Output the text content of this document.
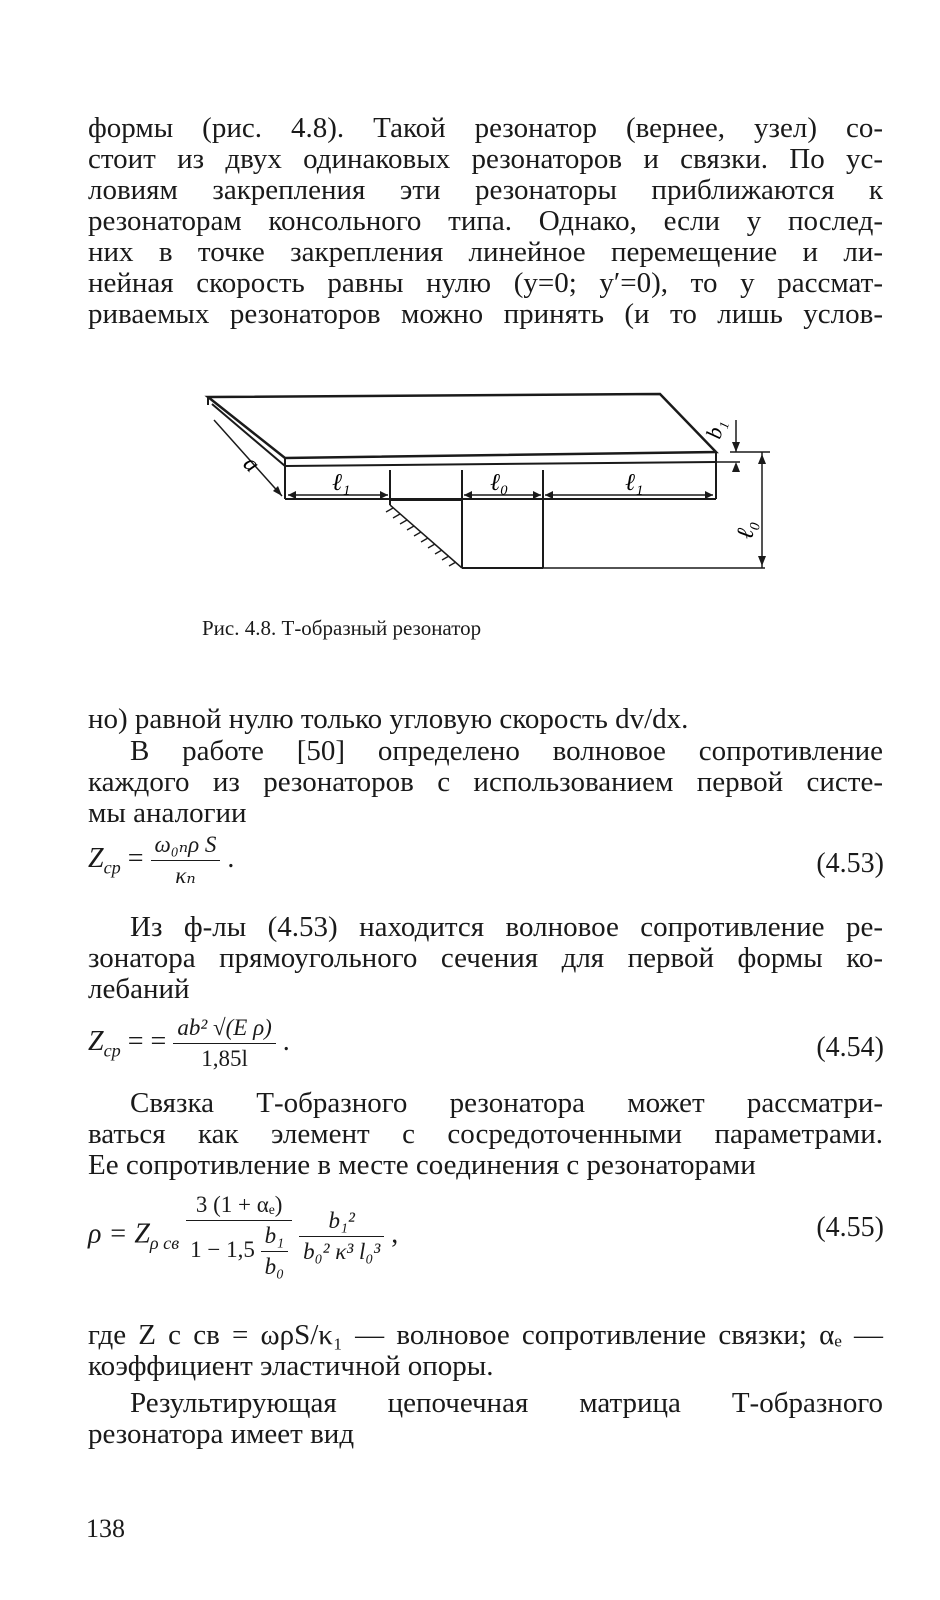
формы (рис. 4.8). Такой резонатор (вернее, узел) со-
стоит из двух одинаковых резонаторов и связки. По ус-
ловиям закрепления эти резонаторы приближаются к
резонаторам консольного типа. Однако, если у послед-
них в точке закрепления линейное перемещение и ли-
нейная скорость равны нулю (y=0; y′=0), то у рассмат-
риваемых резонаторов можно принять (и то лишь услов-
a
ℓ₁	ℓ₀	ℓ₁
b₁
ℓ₀
Рис. 4.8. Т-образный резонатор
но) равной нулю только угловую скорость dv/dx.
В работе [50] определено волновое сопротивление
каждого из резонаторов с использованием первой систе-
мы аналогии
$Z_{cp} = \frac{\text{ω₀ₙρ S}}{\text{κₙ}}$ .	(4.53)
Из ф-лы (4.53) находится волновое сопротивление ре-
зонатора прямоугольного сечения для первой формы ко-
лебаний
$Z_{cp}$ = = $\frac{\text{ab² √(E ρ)}}{1,85l}$ .	(4.54)
Связка Т-образного резонатора может рассматри-
ваться как элемент с сосредоточенными параметрами.
Ее сопротивление в месте соединения с резонаторами
$\rho = Z_{\rho св} \frac{\text{3 (1 + αₑ)}}{1 - 1,5 \frac{\text{b₁}}{\text{b₀}}}$
$\frac{\text{b₁²}}{\text{b₀² κ³ l₀³}}$ ,	(4.55)
где Z c св = ωρS/κ₁ — волновое сопротивление связки; αₑ —
коэффициент эластичной опоры.
Результирующая цепочечная матрица Т-образного
резонатора имеет вид
138
